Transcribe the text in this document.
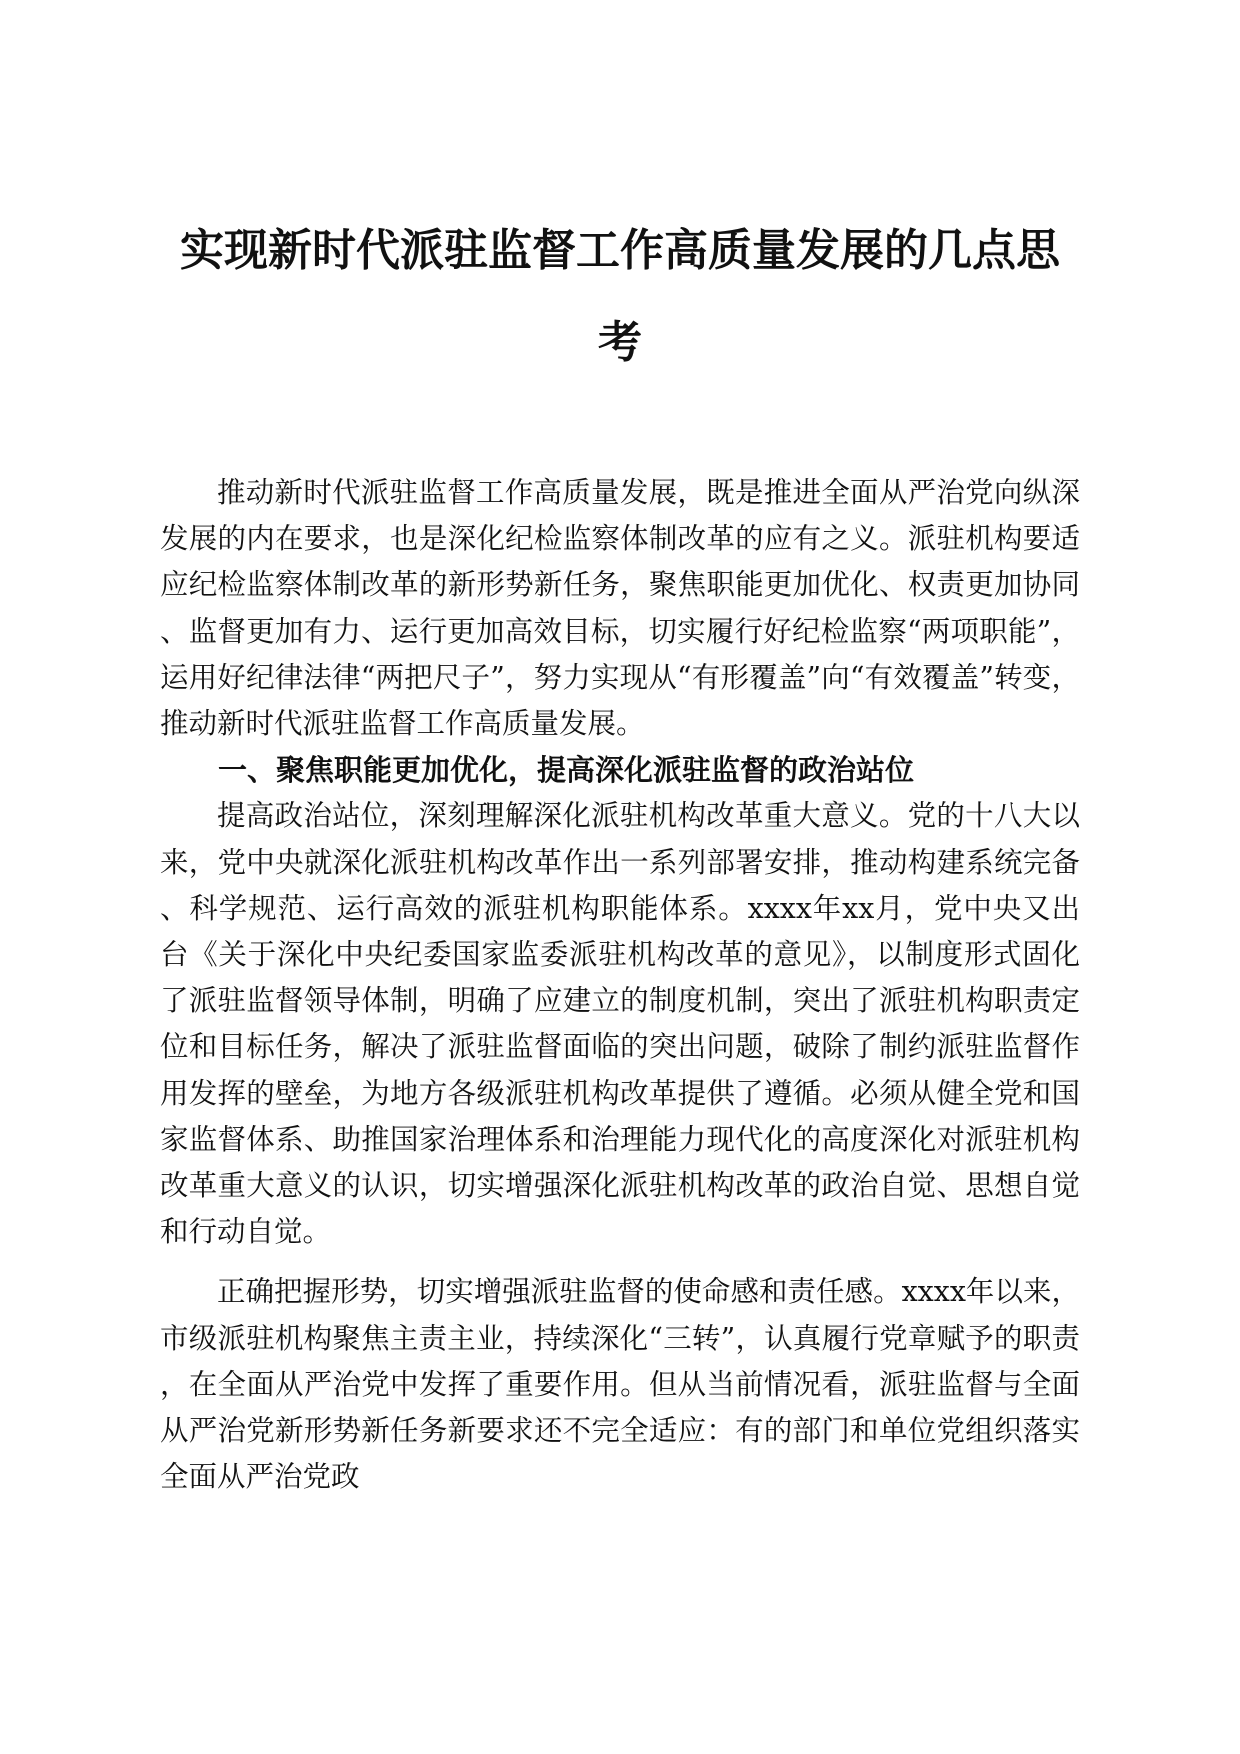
实现新时代派驻监督工作高质量发展的几点思
考

推动新时代派驻监督工作高质量发展，既是推进全面从严治党向纵深发展的内在要求，也是深化纪检监察体制改革的应有之义。派驻机构要适应纪检监察体制改革的新形势新任务，聚焦职能更加优化、权责更加协同、监督更加有力、运行更加高效目标，切实履行好纪检监察“两项职能”，运用好纪律法律“两把尺子”，努力实现从“有形覆盖”向“有效覆盖”转变，推动新时代派驻监督工作高质量发展。

一、聚焦职能更加优化，提高深化派驻监督的政治站位

提高政治站位，深刻理解深化派驻机构改革重大意义。党的十八大以来，党中央就深化派驻机构改革作出一系列部署安排，推动构建系统完备、科学规范、运行高效的派驻机构职能体系。xxxx年xx月，党中央又出台《关于深化中央纪委国家监委派驻机构改革的意见》，以制度形式固化了派驻监督领导体制，明确了应建立的制度机制，突出了派驻机构职责定位和目标任务，解决了派驻监督面临的突出问题，破除了制约派驻监督作用发挥的壁垒，为地方各级派驻机构改革提供了遵循。必须从健全党和国家监督体系、助推国家治理体系和治理能力现代化的高度深化对派驻机构改革重大意义的认识，切实增强深化派驻机构改革的政治自觉、思想自觉和行动自觉。

正确把握形势，切实增强派驻监督的使命感和责任感。xxxx年以来，市级派驻机构聚焦主责主业，持续深化“三转”，认真履行党章赋予的职责，在全面从严治党中发挥了重要作用。但从当前情况看，派驻监督与全面从严治党新形势新任务新要求还不完全适应：有的部门和单位党组织落实全面从严治党政
